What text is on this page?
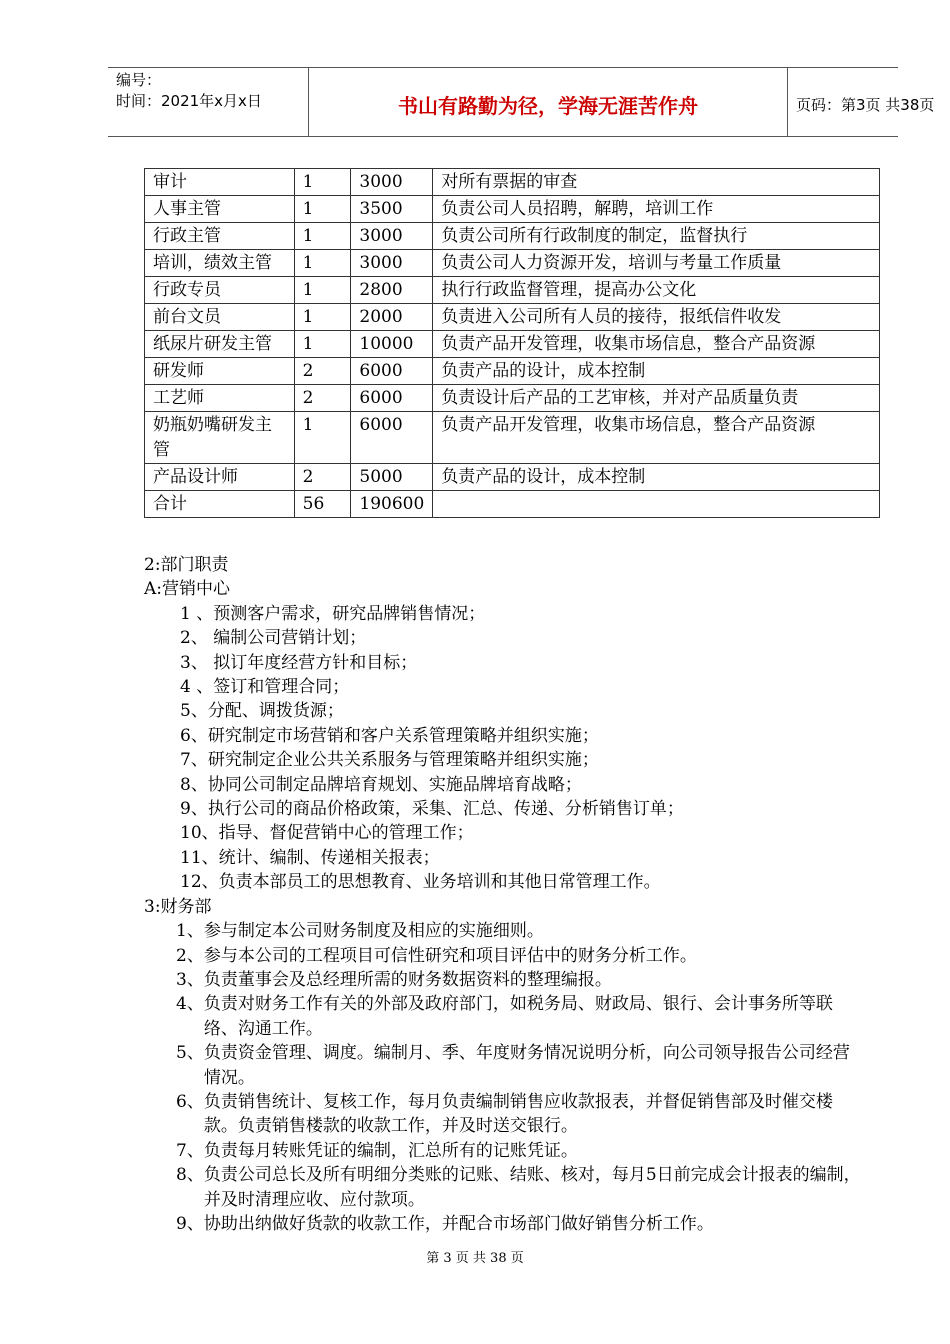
编号：
时间：2021年x月x日	书山有路勤为径，学海无涯苦作舟	页码：第3页 共38页
审计	1	3000	对所有票据的审查
人事主管	1	3500	负责公司人员招聘，解聘，培训工作
行政主管	1	3000	负责公司所有行政制度的制定，监督执行
培训，绩效主管	1	3000	负责公司人力资源开发，培训与考量工作质量
行政专员	1	2800	执行行政监督管理，提高办公文化
前台文员	1	2000	负责进入公司所有人员的接待，报纸信件收发
纸尿片研发主管	1	10000	负责产品开发管理，收集市场信息，整合产品资源
研发师	2	6000	负责产品的设计，成本控制
工艺师	2	6000	负责设计后产品的工艺审核，并对产品质量负责
奶瓶奶嘴研发主管	1	6000	负责产品开发管理，收集市场信息，整合产品资源
产品设计师	2	5000	负责产品的设计，成本控制
合计	56	190600	
2:部门职责
A:营销中心
1 、预测客户需求，研究品牌销售情况；
2、 编制公司营销计划；
3、 拟订年度经营方针和目标；
4 、签订和管理合同；
5、分配、调拨货源；
6、研究制定市场营销和客户关系管理策略并组织实施；
7、研究制定企业公共关系服务与管理策略并组织实施；
8、协同公司制定品牌培育规划、实施品牌培育战略；
9、执行公司的商品价格政策，采集、汇总、传递、分析销售订单；
10、指导、督促营销中心的管理工作；
11、统计、编制、传递相关报表；
12、负责本部员工的思想教育、业务培训和其他日常管理工作。
3:财务部
1、 参与制定本公司财务制度及相应的实施细则。
2、 参与本公司的工程项目可信性研究和项目评估中的财务分析工作。
3、 负责董事会及总经理所需的财务数据资料的整理编报。
4、 负责对财务工作有关的外部及政府部门，如税务局、财政局、银行、会计事务所等联络、沟通工作。
5、 负责资金管理、调度。编制月、季、年度财务情况说明分析，向公司领导报告公司经营情况。
6、 负责销售统计、复核工作，每月负责编制销售应收款报表，并督促销售部及时催交楼款。负责销售楼款的收款工作，并及时送交银行。
7、 负责每月转账凭证的编制，汇总所有的记账凭证。
8、 负责公司总长及所有明细分类账的记账、结账、核对，每月5日前完成会计报表的编制，并及时清理应收、应付款项。
9、 协助出纳做好货款的收款工作，并配合市场部门做好销售分析工作。
第 3 页 共 38 页
